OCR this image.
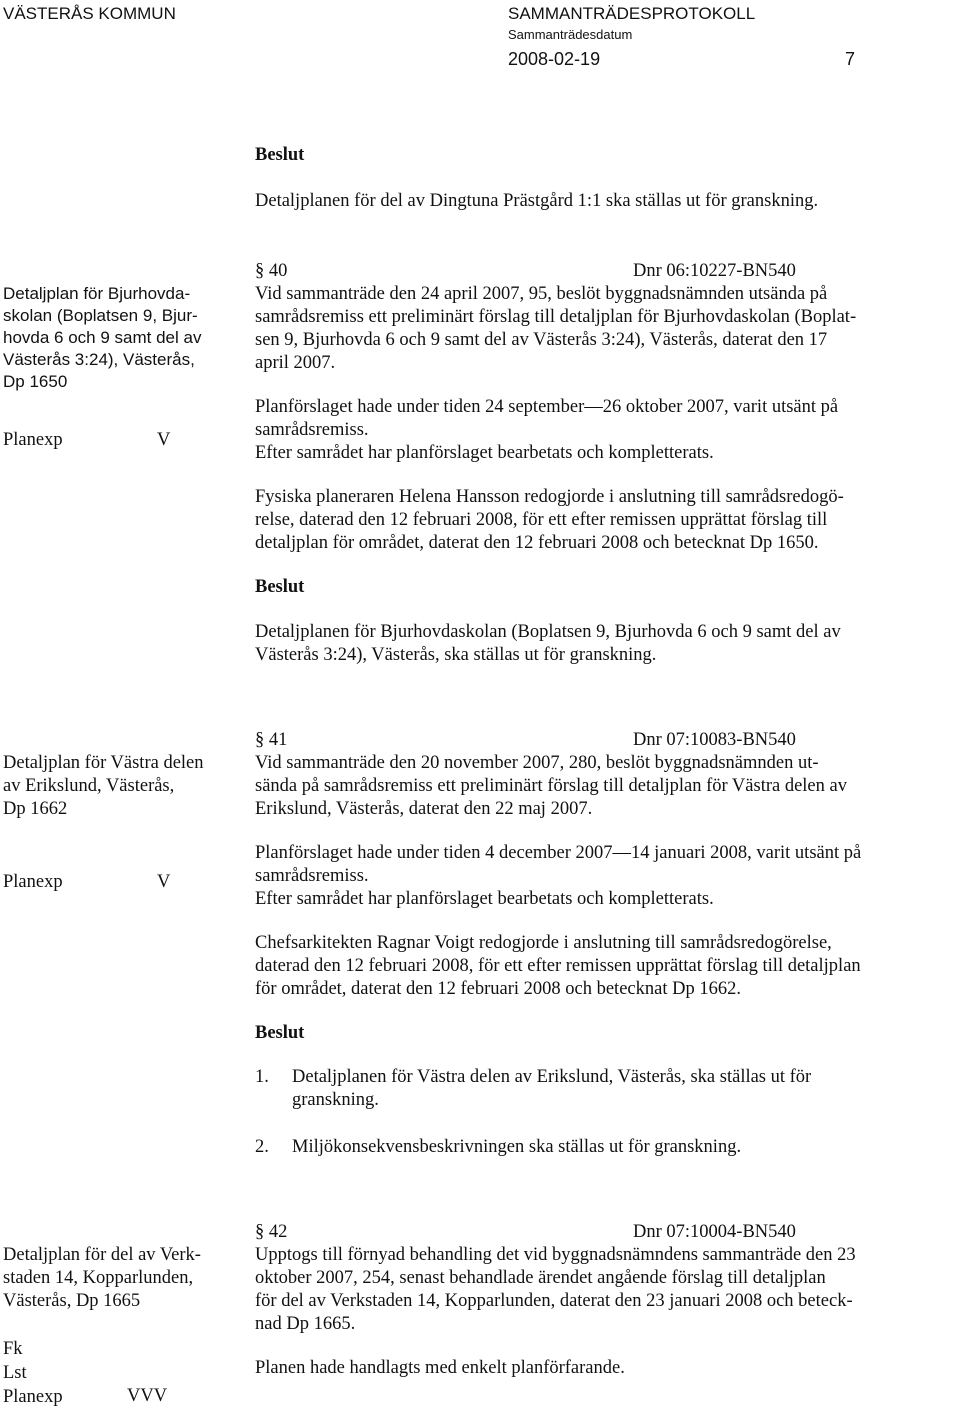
VÄSTERÅS KOMMUN	SAMMANTRÄDESPROTOKOLL
Sammanträdesdatum
2008-02-19	7
Beslut
Detaljplanen för del av Dingtuna Prästgård 1:1 ska ställas ut för granskning.
Detaljplan för Bjurhovda-
skolan (Boplatsen 9, Bjur-
hovda 6 och 9 samt del av
Västerås 3:24), Västerås,
Dp 1650
Planexp	V
§ 40	Dnr 06:10227-BN540

Vid sammanträde den 24 april 2007, 95, beslöt byggnadsnämnden utsända på
samrådsremiss ett preliminärt förslag till detaljplan för Bjurhovdaskolan (Boplat-
sen 9, Bjurhovda 6 och 9 samt del av Västerås 3:24), Västerås, daterat den 17
april 2007.

Planförslaget hade under tiden 24 september—26 oktober 2007, varit utsänt på
samrådsremiss.
Efter samrådet har planförslaget bearbetats och kompletterats.

Fysiska planeraren Helena Hansson redogjorde i anslutning till samrådsredogö-
relse, daterad den 12 februari 2008, för ett efter remissen upprättat förslag till
detaljplan för området, daterat den 12 februari 2008 och betecknat Dp 1650.

Beslut

Detaljplanen för Bjurhovdaskolan (Boplatsen 9, Bjurhovda 6 och 9 samt del av
Västerås 3:24), Västerås, ska ställas ut för granskning.

Detaljplan för Västra delen
av Erikslund, Västerås,
Dp 1662
Planexp	V
§ 41	Dnr 07:10083-BN540

Vid sammanträde den 20 november 2007, 280, beslöt byggnadsnämnden ut-
sända på samrådsremiss ett preliminärt förslag till detaljplan för Västra delen av
Erikslund, Västerås, daterat den 22 maj 2007.

Planförslaget hade under tiden 4 december 2007—14 januari 2008, varit utsänt på
samrådsremiss.
Efter samrådet har planförslaget bearbetats och kompletterats.

Chefsarkitekten Ragnar Voigt redogjorde i anslutning till samrådsredogörelse,
daterad den 12 februari 2008, för ett efter remissen upprättat förslag till detaljplan
för området, daterat den 12 februari 2008 och betecknat Dp 1662.

Beslut
1. Detaljplanen för Västra delen av Erikslund, Västerås, ska ställas ut för
granskning.
2. Miljökonsekvensbeskrivningen ska ställas ut för granskning.
Detaljplan för del av Verk-
staden 14, Kopparlunden,
Västerås, Dp 1665
Fk
Lst
Planexp	VVV
§ 42	Dnr 07:10004-BN540

Upptogs till förnyad behandling det vid byggnadsnämndens sammanträde den 23
oktober 2007, 254, senast behandlade ärendet angående förslag till detaljplan
för del av Verkstaden 14, Kopparlunden, daterat den 23 januari 2008 och beteck-
nad Dp 1665.

Planen hade handlagts med enkelt planförfarande.

Justerandes sign Utdragsbestyrkande
